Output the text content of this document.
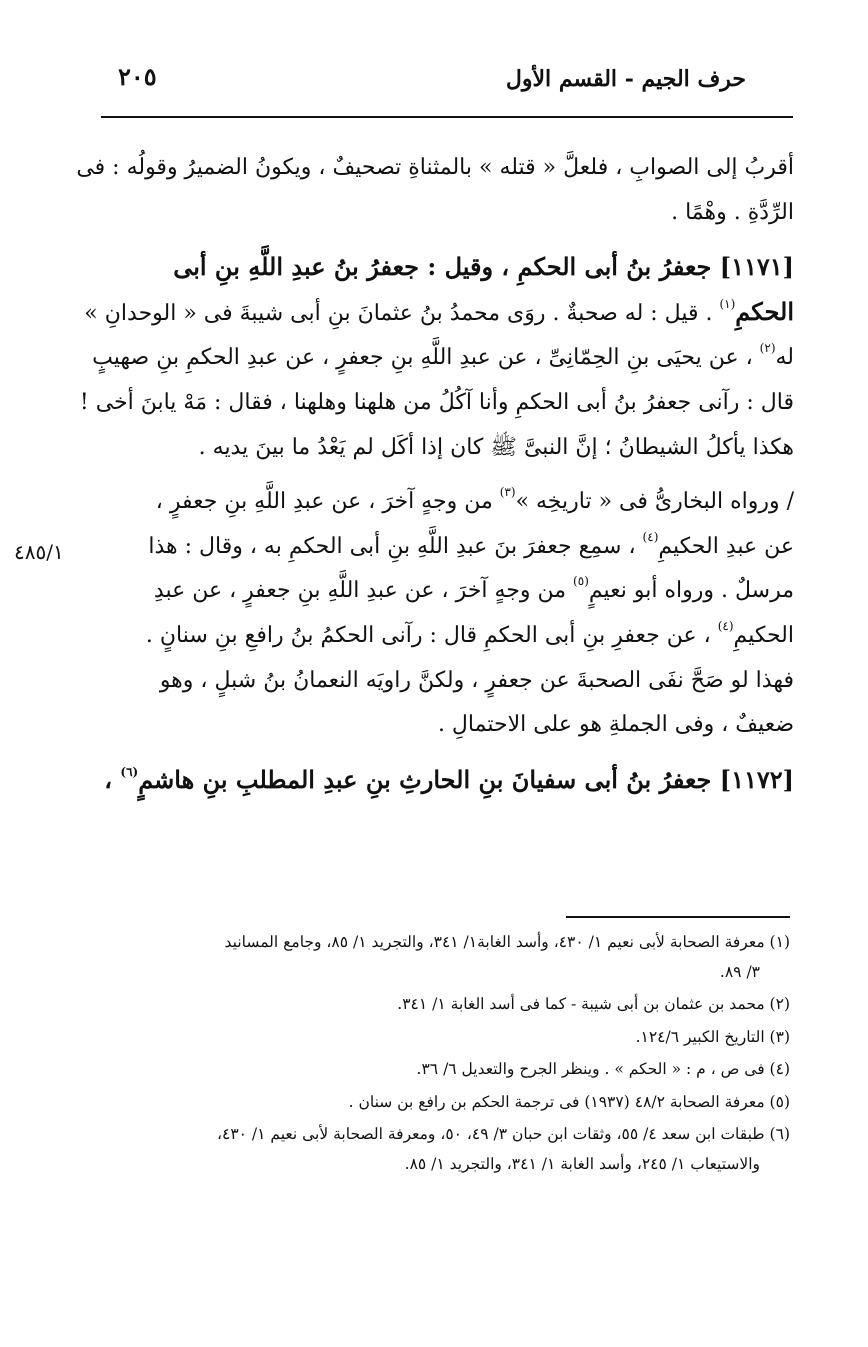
٢٠٥	حرف الجيم - القسم الأول

أقربُ إلى الصوابِ ، فلعلَّ « قتله » بالمثناةِ تصحيفٌ ، ويكونُ الضميرُ وقولُه : فى
الرِّدَّةِ . وهْمًا .

[١١٧١] جعفرُ بنُ أبى الحكمِ ، وقيل : جعفرُ بنُ عبدِ اللَّهِ بنِ أبى
الحكمِ$^{(١)}$ . قيل : له صحبةٌ . روَى محمدُ بنُ عثمانَ بنِ أبى شيبةَ فى « الوحدانِ »
له$^{(٢)}$ ، عن يحيَى بنِ الحِمّانِىِّ ، عن عبدِ اللَّهِ بنِ جعفرٍ ، عن عبدِ الحكمِ بنِ صهيبٍ
قال : رآنى جعفرُ بنُ أبى الحكمِ وأنا آكُلُ من هلهنا وهلهنا ، فقال : مَهْ يابنَ أخى !
هكذا يأكلُ الشيطانُ ؛ إنَّ النبىَّ ﷺ كان إذا أكَل لم يَعْدُ ما بينَ يديه .

/ ورواه البخارىُّ فى « تاريخِه »$^{(٣)}$ من وجهٍ آخرَ ، عن عبدِ اللَّهِ بنِ جعفرٍ ،
عن عبدِ الحكيمِ$^{(٤)}$ ، سمِع جعفرَ بنَ عبدِ اللَّهِ بنِ أبى الحكمِ به ، وقال : هذا
مرسلٌ . ورواه أبو نعيمٍ$^{(٥)}$ من وجهٍ آخرَ ، عن عبدِ اللَّهِ بنِ جعفرٍ ، عن عبدِ
الحكيمِ$^{(٤)}$ ، عن جعفرِ بنِ أبى الحكمِ قال : رآنى الحكمُ بنُ رافعِ بنِ سنانٍ .
فهذا لو صَحَّ نفَى الصحبةَ عن جعفرٍ ، ولكنَّ راويَه النعمانُ بنُ شبلٍ ، وهو
ضعيفٌ ، وفى الجملةِ هو على الاحتمالِ .

[١١٧٢] جعفرُ بنُ أبى سفيانَ بنِ الحارثِ بنِ عبدِ المطلبِ بنِ هاشمٍ$^{(٦)}$ ،

٤٨٥/١

(١) معرفة الصحابة لأبى نعيم ١/ ٤٣٠، وأسد الغابة١/ ٣٤١، والتجريد ١/ ٨٥، وجامع المسانيد
٣/ ٨٩.

(٢) محمد بن عثمان بن أبى شيبة - كما فى أسد الغابة ١/ ٣٤١.

(٣) التاريخ الكبير ١٢٤/٦.

(٤) فى ص ، م : « الحكم » . وينظر الجرح والتعديل ٦/ ٣٦.

(٥) معرفة الصحابة ٤٨/٢ (١٩٣٧) فى ترجمة الحكم بن رافع بن سنان .

(٦) طبقات ابن سعد ٤/ ٥٥، وثقات ابن حبان ٣/ ٤٩، ٥٠، ومعرفة الصحابة لأبى نعيم ١/ ٤٣٠،
والاستيعاب ١/ ٢٤٥، وأسد الغابة ١/ ٣٤١، والتجريد ١/ ٨٥.
